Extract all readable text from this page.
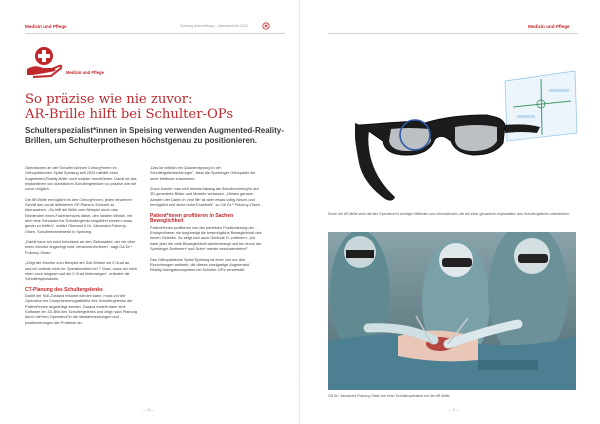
Medizin und Pflege	Spesing Anteweltung – Jahresbericht 2023
Medizin und Pflege
So präzise wie nie zuvor:
AR-Brille hilft bei Schulter-OPs
Schulterspezialist*innen in Speising verwenden Augmented-Reality-Brillen, um Schulterprothesen höchstgenau zu positionieren.

Operationen an der Schulter können Chirurg*innen im Orthopädischen Spital Speising seit 2023 mithilfe einer Augmented-Reality-Brille noch exakter durchführen. Damit ist das Implantieren von künstlichen Schultergelenken so präzise wie nie zuvor möglich.

Die AR-Brille ermöglicht es den Chirurg*innen, jeden einzelnen Schritt des vorab definierten OP-Plans in Echtzeit zu überwachen. „So hilft die Brille zum Beispiel durch das Einblenden eines Fadenkreuzes dabei, den idealen Winkel, mit dem eine Schraube ins Schulterglenkt eingeführt werden muss, genau zu treffen", erklärt Oberarzt Ir Dr. Alexandra Pokorny-Olsen, Schulterteamleiterin in Speising.

„Damit kann ich mich behutsam an den Zielzustand, der mir über einen Monitor angezeigt wird, heranmanövrieren", sagt OA Dr.* Pokorny-Olsen.

„Zeigt der Monitor zum Beispiel am Soll-Winkel mit 2 Grad an, und ich befinde mich im Operationsfeld bei 7 Grad, muss ich mich eben noch langsam auf die 2 Grad hinbewegen", erläutert die Schulterspezialistin.

CT-Planung des Schultergelenks

Damit der Soll-Zustand erkannt werden kann, muss vor der Operation ein Computertomografiebild des Schultergelenks der Patient*innen angefertigt werden. Daraus erstellt dann eine Software ein 3D-Bild des Schultergelenks und zeigt nach Planung durch die*den Operateur*in die Idealabmessungen und -positionierungen der Prothese an.

„Das ist wirklich ein Quantensprung in der Schultergelenkschirurgie", fasst die Speisinger Orthopädin die neue Methode zusammen:

Zuvor konnte man sich bereits bislang als Schulterchirurg*in auf 3D-generierte Bilder und Modelle verlassen. „Dieses genaue Abrufen der Daten in ‚real life' ist aber etwas völlig Neues und ermöglicht erst diese hohe Exaktheit", so OA Dr.* Pokorny-Olsen.

Patient*innen profitieren in Sachen
Beweglichkeit

Patient*innen profitieren von der perfekten Positionierung der Endoprothese: sie begünstigt die bestmögliche Beweglichkeit des neuen Gelenks. So zeigt sich auch Gerlinde H. zufrieden: „Ich habe jetzt die volle Beweglichkeit wiedererlangt und bin durch der Speisinger Ärztinnen* und Ärzte* wieder beschwerdefrei!"

Das Orthopädische Spital Speising ist einer von nur drei Einrichtungen weltweit, die dieses einzigartige Augmented-Reality-Navigationssystem bei Schulter-OPs verwendet.

— 8 —
Medizin und Pflege
Durch die AR-Brille sieht die*der Operateur*in wichtige Hilfslinien und Informationen, die bei einer genaueren Implantation des Schultergelenks unterstützen.
OA Dr.* Alexandra Pokorny-Olsen bei einer Schulteroperation mit der AR-Brille.
— 9 —
